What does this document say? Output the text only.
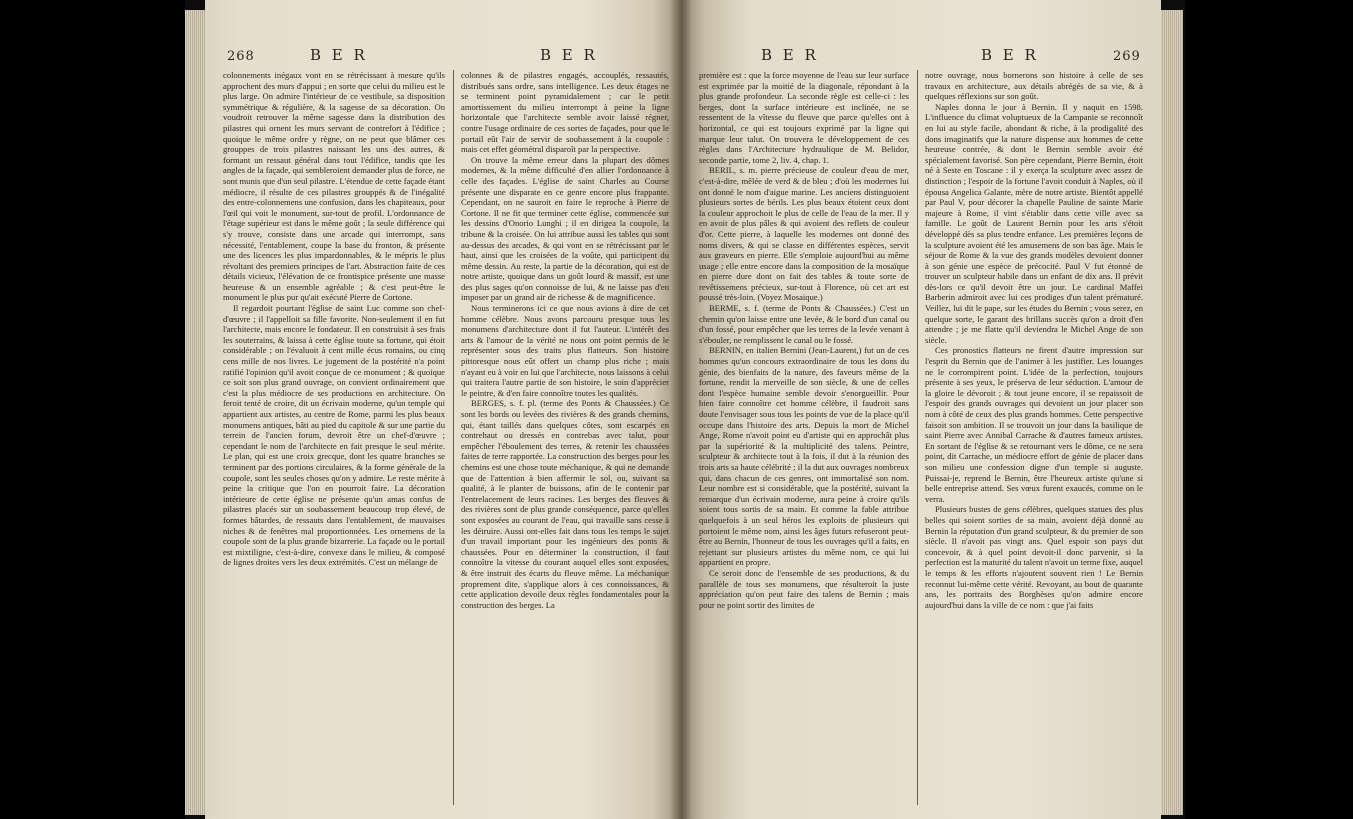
268	B E R	B E R

colonnements inégaux vont en se rétrécissant à mesure qu'ils approchent des murs d'appui ; en sorte que celui du milieu est le plus large. On admire l'intérieur de ce vestibule, sa disposition symmétrique & régulière, & la sagesse de sa décoration. On voudroit retrouver la même sagesse dans la distribution des pilastres qui ornent les murs servant de contrefort à l'édifice ; quoique le même ordre y règne, on ne peut que blâmer ces grouppes de trois pilastres naissant les uns des autres, & formant un ressaut général dans tout l'édifice, tandis que les angles de la façade, qui sembleroient demander plus de force, ne sont munis que d'un seul pilastre. L'étendue de cette façade étant médiocre, il résulte de ces pilastres grouppés & de l'inégalité des entre-colonnemens une confusion, dans les chapiteaux, pour l'œil qui voit le monument, sur-tout de profil. L'ordonnance de l'étage supérieur est dans le même goût ; la seule différence qui s'y trouve, consiste dans une arcade qui interrompt, sans nécessité, l'entablement, coupe la base du fronton, & présente une des licences les plus impardonnables, & le mépris le plus révoltant des premiers principes de l'art. Abstraction faite de ces détails vicieux, l'élévation de ce frontispice présente une masse heureuse & un ensemble agréable ; & c'est peut-être le monument le plus pur qu'ait exécuté Pierre de Cortone.

Il regardoit pourtant l'église de saint Luc comme son chef-d'œuvre ; il l'appelloit sa fille favorite. Non-seulement il en fut l'architecte, mais encore le fondateur. Il en construisit à ses frais les souterrains, & laissa à cette église toute sa fortune, qui étoit considérable ; on l'évaluoit à cent mille écus romains, ou cinq cens mille de nos livres. Le jugement de la postérité n'a point ratifié l'opinion qu'il avoit conçue de ce monument ; & quoique ce soit son plus grand ouvrage, on convient ordinairement que c'est la plus médiocre de ses productions en architecture. On feroit tenté de croire, dit un écrivain moderne, qu'un temple qui appartient aux artistes, au centre de Rome, parmi les plus beaux monumens antiques, bâti au pied du capitole & sur une partie du terrein de l'ancien forum, devroit être un chef-d'œuvre ; cependant le nom de l'architecte en fait presque le seul mérite. Le plan, qui est une croix grecque, dont les quatre branches se terminent par des portions circulaires, & la forme générale de la coupole, sont les seules choses qu'on y admire. Le reste mérite à peine la critique que l'on en pourroit faire. La décoration intérieure de cette église ne présente qu'un amas confus de pilastres placés sur un soubassement beaucoup trop élevé, de formes bâtardes, de ressauts dans l'entablement, de mauvaises niches & de fenêtres mal proportionnées. Les ornemens de la coupole sont de la plus grande bizarrerie. La façade ou le portail est mixtiligne, c'est-à-dire, convexe dans le milieu, & composé de lignes droites vers les deux extrémités. C'est un mélange de

colonnes & de pilastres engagés, accouplés, ressautés, distribués sans ordre, sans intelligence. Les deux étages ne se terminent point pyramidalement ; car le petit amortissement du milieu interrompt à peine la ligne horizontale que l'architecte semble avoir laissé régner, contre l'usage ordinaire de ces sortes de façades, pour que le portail eût l'air de servir de soubassement à la coupole : mais cet effet géométral disparoît par la perspective.

On trouve la même erreur dans la plupart des dômes modernes, & la même difficulté d'en allier l'ordonnance à celle des façades. L'église de saint Charles au Course présente une disparate en ce genre encore plus frappante. Cependant, on ne sauroit en faire le reproche à Pierre de Cortone. Il ne fit que terminer cette église, commencée sur les dessins d'Onorio Lunghi ; il en dirigea la coupole, la tribune & la croisée. On lui attribue aussi les tables qui sont au-dessus des arcades, & qui vont en se rétrécissant par le haut, ainsi que les croisées de la voûte, qui participent du même dessin. Au reste, la partie de la décoration, qui est de notre artiste, quoique dans un goût lourd & massif, est une des plus sages qu'on connoisse de lui, & ne laisse pas d'en imposer par un grand air de richesse & de magnificence.

Nous terminerons ici ce que nous avions à dire de cet homme célèbre. Nous avons parcouru presque tous les monumens d'architecture dont il fut l'auteur. L'intérêt des arts & l'amour de la vérité ne nous ont point permis de le représenter sous des traits plus flatteurs. Son histoire pittoresque nous eût offert un champ plus riche ; mais n'ayant eu à voir en lui que l'architecte, nous laissons à celui qui traitera l'autre partie de son histoire, le soin d'apprécier le peintre, & d'en faire connoître toutes les qualités.

BERGES, s. f. pl. (terme des Ponts & Chaussées.) Ce sont les bords ou levées des rivières & des grands chemins, qui, étant taillés dans quelques côtes, sont escarpés en contrehaut ou dressés en contrebas avec talut, pour empêcher l'éboulement des terres, & retenir les chaussées faites de terre rapportée. La construction des berges pour les chemins est une chose toute méchanique, & qui ne demande que de l'attention à bien affermir le sol, ou, suivant sa qualité, à le planter de buissons, afin de le contenir par l'entrelacement de leurs racines. Les berges des fleuves & des rivières sont de plus grande conséquence, parce qu'elles sont exposées au courant de l'eau, qui travaille sans cesse à les détruire. Aussi ont-elles fait dans tous les temps le sujet d'un travail important pour les ingénieurs des ponts & chaussées. Pour en déterminer la construction, il faut connoître la vitesse du courant auquel elles sont exposées, & être instruit des écarts du fleuve même. La méchanique proprement dite, s'applique alors à ces connoissances, & cette application devoile deux règles fondamentales pour la construction des berges. La

B E R	B E R	269

première est : que la force moyenne de l'eau sur leur surface est exprimée par la moitié de la diagonale, répondant à la plus grande profondeur. La seconde règle est celle-ci : les berges, dont la surface intérieure est inclinée, ne se ressentent de la vîtesse du fleuve que parce qu'elles ont à horizontal, ce qui est toujours exprimé par la ligne qui marque leur talut. On trouvera le développement de ces règles dans l'Architecture hydraulique de M. Belidor, seconde partie, tome 2, liv. 4, chap. 1.

BERIL, s. m. pierre précieuse de couleur d'eau de mer, c'est-à-dire, mêlée de verd & de bleu ; d'où les modernes lui ont donné le nom d'aigue marine. Les anciens distinguoient plusieurs sortes de bérils. Les plus beaux étoient ceux dont la couleur approchoit le plus de celle de l'eau de la mer. Il y en avoit de plus pâles & qui avoient des reflets de couleur d'or. Cette pierre, à laquelle les modernes ont donné des noms divers, & qui se classe en différentes espèces, servit aux graveurs en pierre. Elle s'emploie aujourd'hui au même usage ; elle entre encore dans la composition de la mosaïque en pierre dure dont on fait des tables & toute sorte de revêtissemens précieux, sur-tout à Florence, où cet art est poussé très-loin. (Voyez Mosaique.)

BERME, s. f. (terme de Ponts & Chaussées.) C'est un chemin qu'on laisse entre une levée, & le bord d'un canal ou d'un fossé, pour empêcher que les terres de la levée venant à s'ébouler, ne remplissent le canal ou le fossé.

BERNIN, en italien Bernini (Jean-Laurent,) fut un de ces hommes qu'un concours extraordinaire de tous les dons du génie, des bienfaits de la nature, des faveurs même de la fortune, rendit la merveille de son siècle, & une de celles dont l'espèce humaine semble devoir s'enorgueillir. Pour bien faire connoître cet homme célèbre, il faudroit sans doute l'envisager sous tous les points de vue de la place qu'il occupe dans l'histoire des arts. Depuis la mort de Michel Ange, Rome n'avoit point eu d'artiste qui en approchât plus par la supériorité & la multiplicité des talens. Peintre, sculpteur & architecte tout à la fois, il dut à la réunion des trois arts sa haute célébrité ; il la dut aux ouvrages nombreux qui, dans chacun de ces genres, ont immortalisé son nom. Leur nombre est si considérable, que la postérité, suivant la remarque d'un écrivain moderne, aura peine à croire qu'ils soient tous sortis de sa main. Et comme la fable attribue quelquefois à un seul héros les exploits de plusieurs qui portoient le même nom, ainsi les âges futurs refuseront peut-être au Bernin, l'honneur de tous les ouvrages qu'il a faits, en rejettant sur plusieurs artistes du même nom, ce qui lui appartient en propre.

Ce seroit donc de l'ensemble de ses productions, & du parallèle de tous ses monumens, que résulteroit la juste appréciation qu'on peut faire des talens de Bernin ; mais pour ne point sortir des limites de

notre ouvrage, nous bornerons son histoire à celle de ses travaux en architecture, aux détails abrégés de sa vie, & à quelques réflexions sur son goût.

Naples donna le jour à Bernin. Il y naquit en 1598. L'influence du climat voluptueux de la Campanie se reconnoît en lui au style facile, abondant & riche, à la prodigalité des dons imaginatifs que la nature dispense aux hommes de cette heureuse contrée, & dont le Bernin semble avoir été spécialement favorisé. Son père cependant, Pierre Bernin, étoit né à Seste en Toscane : il y exerça la sculpture avec assez de distinction ; l'espoir de la fortune l'avoit conduit à Naples, où il épousa Angelica Galante, mère de notre artiste. Bientôt appellé par Paul V, pour décorer la chapelle Pauline de sainte Marie majeure à Rome, il vint s'établir dans cette ville avec sa famille. Le goût de Laurent Bernin pour les arts s'étoit développé dès sa plus tendre enfance. Les premières leçons de la sculpture avoient été les amusemens de son bas âge. Mais le séjour de Rome & la vue des grands modèles devoient donner à son génie une espèce de précocité. Paul V fut étonné de trouver un sculpteur habile dans un enfant de dix ans. Il prévit dès-lors ce qu'il devoit être un jour. Le cardinal Maffei Barberin admiroit avec lui ces prodiges d'un talent prématuré. Veillez, lui dit le pape, sur les études du Bernin ; vous serez, en quelque sorte, le garant des brillans succès qu'on a droit d'en attendre ; je me flatte qu'il deviendra le Michel Ange de son siècle.

Ces pronostics flatteurs ne firent d'autre impression sur l'esprit du Bernin que de l'animer à les justifier. Les louanges ne le corrompirent point. L'idée de la perfection, toujours présente à ses yeux, le préserva de leur séduction. L'amour de la gloire le dévoroit ; & tout jeune encore, il se repaissoit de l'espoir des grands ouvrages qui devoient un jour placer son nom à côté de ceux des plus grands hommes. Cette perspective faisoit son ambition. Il se trouvoit un jour dans la basilique de saint Pierre avec Annibal Carrache & d'autres fameux artistes. En sortant de l'église & se retournant vers le dôme, ce ne sera point, dit Carrache, un médiocre effort de génie de placer dans son milieu une confession digne d'un temple si auguste. Puissai-je, reprend le Bernin, être l'heureux artiste qu'une si belle entreprise attend. Ses vœux furent exaucés, comme on le verra.

Plusieurs bustes de gens célèbres, quelques statues des plus belles qui soient sorties de sa main, avoient déjà donné au Bernin la réputation d'un grand sculpteur, & du premier de son siècle. Il n'avoit pas vingt ans. Quel espoir son pays dut concevoir, & à quel point devoit-il donc parvenir, si la perfection est la maturité du talent n'avoit un terme fixe, auquel le temps & les efforts n'ajoutent souvent rien ! Le Bernin reconnut lui-même cette vérité. Revoyant, au bout de quarante ans, les portraits des Borghèses qu'on admire encore aujourd'hui dans la ville de ce nom : que j'ai faits
